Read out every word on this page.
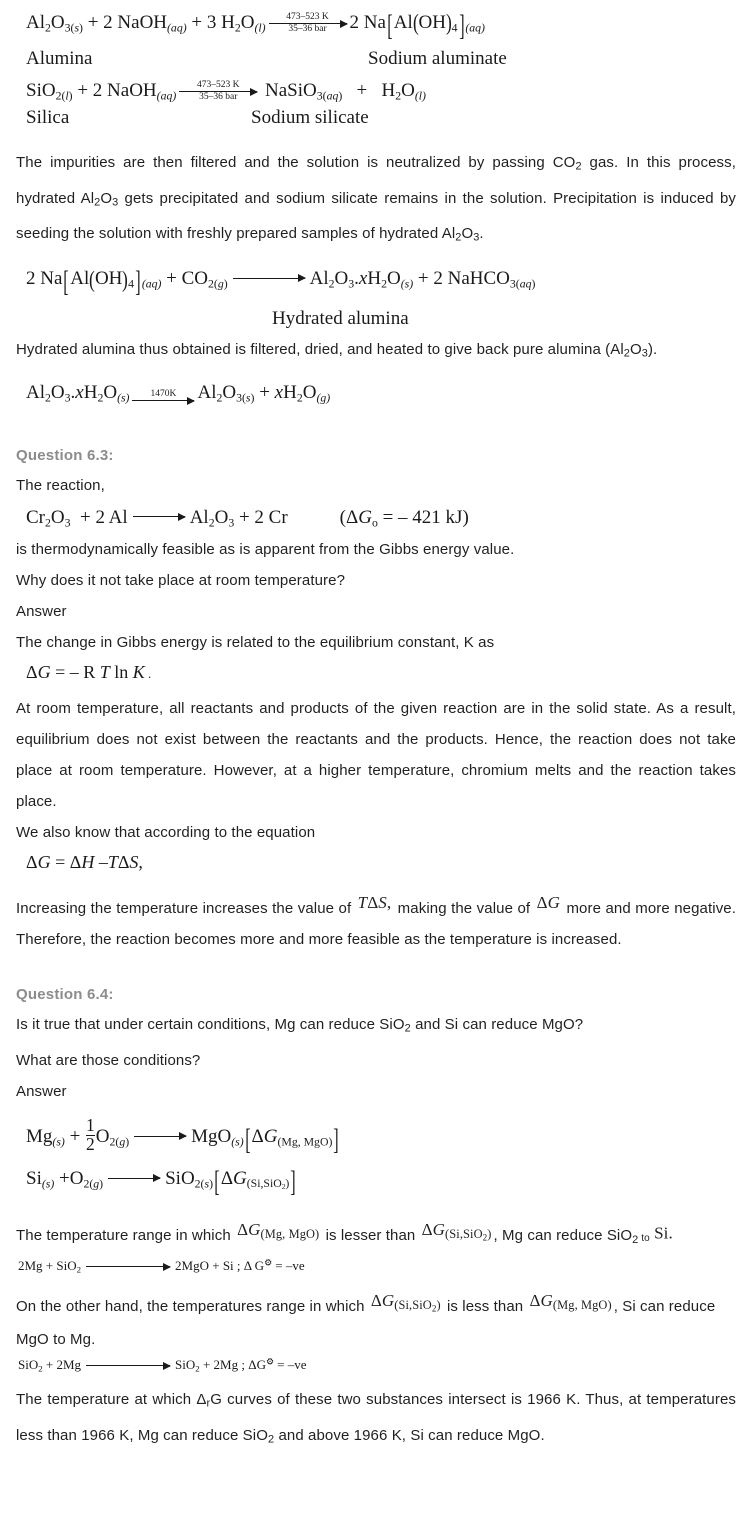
$Al_2O_{3(s)} + 2$ NaOH$_{(aq)}$ + 3 $H_2O_{(l)}$
473–523 K
35–36 bar	2 $Na[Al(OH)_4]_{(aq)}$
Alumina	Sodium aluminate
SiO$_{2(l)}$ + 2 NaOH$_{(aq)}$
473–523 K
35–36 bar	NaSiO$_{3(aq)}$   +   $H_2O_{(l)}$
Silica	Sodium silicate

The impurities are then filtered and the solution is neutralized by passing $CO_2$ gas. In this process, hydrated $Al_2O_3$ gets precipitated and sodium silicate remains in the solution. Precipitation is induced by seeding the solution with freshly prepared samples of hydrated $Al_2O_3$.

2 $Na[Al(OH)_4]_{(aq)} + CO_{2(g)} \to Al_2O_3.xH_2O_{(s)} + 2$ NaHCO$_{3(aq)}$
Hydrated alumina

Hydrated alumina thus obtained is filtered, dried, and heated to give back pure alumina $(Al_2O_3)$.

$Al_2O_3.xH_2O_{(s)}$	1470K	$Al_2O_{3(s)} + xH_2O_{(g)}$
Question 6.3:

The reaction,

$Cr_2O_3 + 2$ $Al \to Al_2O_3 + 2$ Cr	($\Delta G_o$ = – 421 kJ)

is thermodynamically feasible as is apparent from the Gibbs energy value.

Why does it not take place at room temperature?

Answer

The change in Gibbs energy is related to the equilibrium constant, K as

ΔG = – R T ln K .

At room temperature, all reactants and products of the given reaction are in the solid state. As a result, equilibrium does not exist between the reactants and the products. Hence, the reaction does not take place at room temperature. However, at a higher temperature, chromium melts and the reaction takes place.

We also know that according to the equation

ΔG = ΔH –TΔS,

Increasing the temperature increases the value of TΔS, making the value of ΔG more and more negative. Therefore, the reaction becomes more and more feasible as the temperature is increased.

Question 6.4:

Is it true that under certain conditions, Mg can reduce SiO$_2$ and Si can reduce MgO?

What are those conditions?

Answer

$Mg_{(s)} + \frac{1}{2} O_{2(g)} \to MgO_{(s)}[\Delta G_{(Mg, MgO)}]$
$Si_{(s)} +O_{2(g)} \to SiO_{2(s)}[\Delta G_{(Si,SiO_2)}]$

The temperature range in which $\Delta G_{(Mg, MgO)}$ is lesser than $\Delta G_{(Si,SiO_2)}$ , Mg can reduce SiO$_2$ to Si.

2Mg + SiO$_2$	2MgO + Si ; Δ G⚙ = –ve

On the other hand, the temperatures range in which $\Delta G_{(Si,SiO_2)}$ is less than $\Delta G_{(Mg, MgO)}$ , Si can reduce MgO to Mg.

SiO$_2$ + 2Mg	SiO$_2$ + 2Mg ; ΔG⚙ = –ve

The temperature at which $\Delta_rG$ curves of these two substances intersect is 1966 K. Thus, at temperatures less than 1966 K, Mg can reduce SiO$_2$ and above 1966 K, Si can reduce MgO.
